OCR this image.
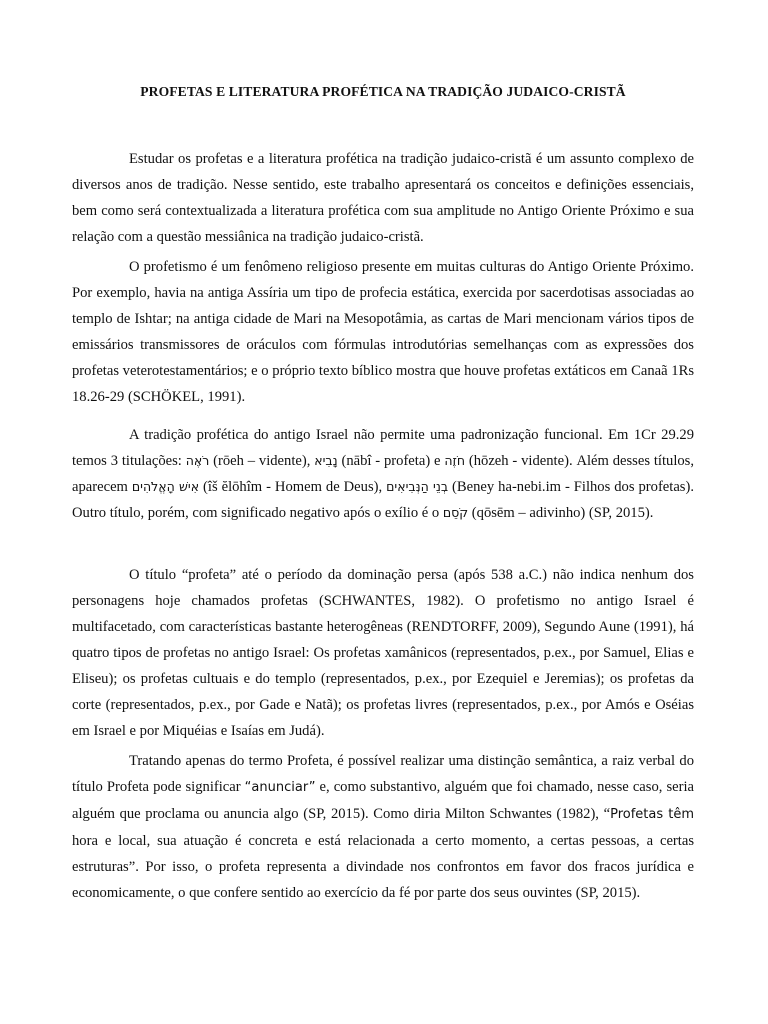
PROFETAS E LITERATURA PROFÉTICA NA TRADIÇÃO JUDAICO-CRISTÃ

Estudar os profetas e a literatura profética na tradição judaico-cristã é um assunto complexo de diversos anos de tradição. Nesse sentido, este trabalho apresentará os conceitos e definições essenciais, bem como será contextualizada a literatura profética com sua amplitude no Antigo Oriente Próximo e sua relação com a questão messiânica na tradição judaico-cristã.

O profetismo é um fenômeno religioso presente em muitas culturas do Antigo Oriente Próximo. Por exemplo, havia na antiga Assíria um tipo de profecia estática, exercida por sacerdotisas associadas ao templo de Ishtar; na antiga cidade de Mari na Mesopotâmia, as cartas de Mari mencionam vários tipos de emissários transmissores de oráculos com fórmulas introdutórias semelhanças com as expressões dos profetas veterotestamentários; e o próprio texto bíblico mostra que houve profetas extáticos em Canaã 1Rs 18.26-29 (SCHÖKEL, 1991).

A tradição profética do antigo Israel não permite uma padronização funcional. Em 1Cr 29.29 temos 3 titulações: רֹאֶה (rōeh – vidente), נָבִיא (nābî - profeta) e חֹזֶה (hōzeh - vidente). Além desses títulos, aparecem אִישׁ הָאֱלֹהִים (îš ĕlōhîm - Homem de Deus), בְנֵי הַנְּבִיאִים (Beney ha-nebi.im - Filhos dos profetas). Outro título, porém, com significado negativo após o exílio é o קֹסֵם (qōsēm – adivinho) (SP, 2015).

O título “profeta” até o período da dominação persa (após 538 a.C.) não indica nenhum dos personagens hoje chamados profetas (SCHWANTES, 1982). O profetismo no antigo Israel é multifacetado, com características bastante heterogêneas (RENDTORFF, 2009), Segundo Aune (1991), há quatro tipos de profetas no antigo Israel: Os profetas xamânicos (representados, p.ex., por Samuel, Elias e Eliseu); os profetas cultuais e do templo (representados, p.ex., por Ezequiel e Jeremias); os profetas da corte (representados, p.ex., por Gade e Natã); os profetas livres (representados, p.ex., por Amós e Oséias em Israel e por Miquéias e Isaías em Judá).

Tratando apenas do termo Profeta, é possível realizar uma distinção semântica, a raiz verbal do título Profeta pode significar “anunciar” e, como substantivo, alguém que foi chamado, nesse caso, seria alguém que proclama ou anuncia algo (SP, 2015). Como diria Milton Schwantes (1982), “Profetas têm hora e local, sua atuação é concreta e está relacionada a certo momento, a certas pessoas, a certas estruturas”. Por isso, o profeta representa a divindade nos confrontos em favor dos fracos jurídica e economicamente, o que confere sentido ao exercício da fé por parte dos seus ouvintes (SP, 2015).
